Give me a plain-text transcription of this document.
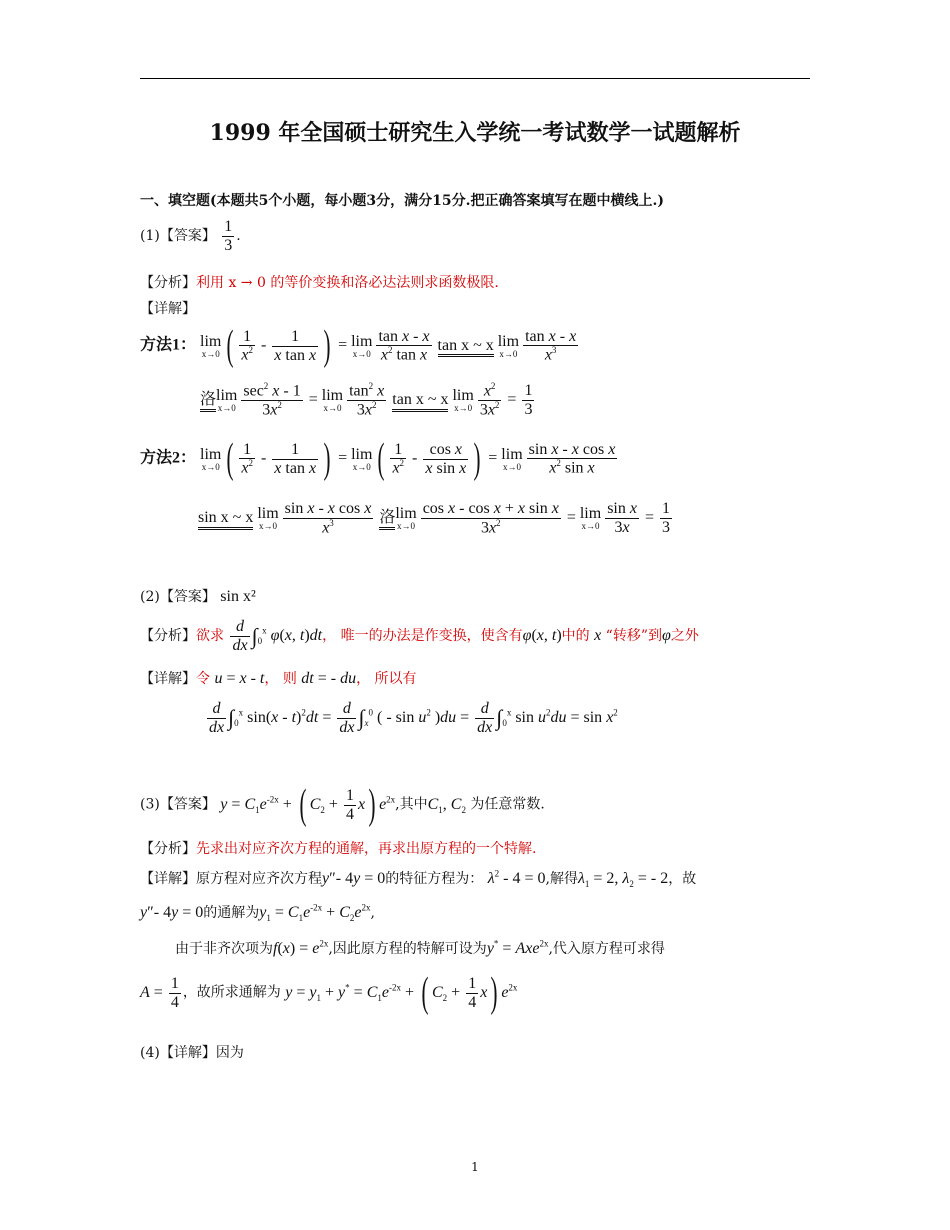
1999 年全国硕士研究生入学统一考试数学一试题解析
一、填空题(本题共5个小题，每小题3分，满分15分.把正确答案填写在题中横线上.)
(1)【答案】 $\frac{1}{3}$ .
【分析】利用 x → 0 的等价变换和洛必达法则求函数极限.
【详解】
方法1： lim
x→0 ( $\frac{1}{x^2} - \frac{1}{\text{x tan x}}$ ) = lim
$x\to 0 \frac{\text{tan x - x}}{x^2 \tan x}$ tan x ~ x lim
$x\to 0 \frac{\text{tan x - x}}{x^3}$
洛lim
$x\to 0 \frac{\sec^2 x - 1}{3x^2} = \lim$
$x\to 0 \frac{\tan^2 x}{3x^2}$ tan x ~ x lim
$x\to 0 \frac{x^2}{3x^2} = \frac{1}{3}$
方法2： lim
x→0 ( $\frac{1}{x^2} - \frac{1}{\text{x tan x}}$ ) = lim
x→0 ( $\frac{1}{x^2} - \frac{\text{cos x}}{\text{x sin x}}$ ) = lim
$x\to 0 \frac{\text{sin x - x cos x}}{x^2 \sin x}$
sin x ~ x lim
$x\to 0 \frac{\text{sin x - x cos x}}{x^3}$ 洛lim
$x\to 0 \frac{\text{cos x - cos x + x sin x}}{3x^2} = \lim$
$x\to 0 \frac{\text{sin x}}{3x} = \frac{1}{3}$
(2)【答案】 sin x²
【分析】欲求 $\frac{d}{dx} \int_0^x$ φ(x, t)dt， 唯一的办法是作变换，使含有φ(x, t)中的 x “转移”到φ之外
【详解】令 u = x - t， 则 dt = - du， 所以有
$\frac{d}{dx} \int_0^x$ $\sin(x - t)^2dt = \frac{d}{dx} \int_x^0$ ( - $\sin u^2$ )$du = \frac{d}{dx} \int_0^x$ $\sin u^2du = \sin x^2$
(3)【答案】 $y = C_1e^{-2x}$ + ( $C_2 + \frac{1}{4} x$) $e^{2x}$,其中$C_1$, $C_2$ 为任意常数.
【分析】先求出对应齐次方程的通解，再求出原方程的一个特解.
【详解】原方程对应齐次方程y″- 4y = 0的特征方程为： $\lambda^2 - 4 = 0$,解得$\lambda_1 = 2$, $\lambda_2$ = - 2，故
y″- 4y = 0的通解为$y_1 = C_1e^{-2x} + C_2e^{2x}$,
由于非齐次项为$f(x) = e^{2x}$,因此原方程的特解可设为y* = Axe$^{2x}$,代入原方程可求得
$A = \frac{1}{4}$ ，故所求通解为 $y = y_1 + y^* = C_1e^{-2x}$ + ( $C_2 + \frac{1}{4} x$) $e^{2x}$
(4)【详解】因为
1
